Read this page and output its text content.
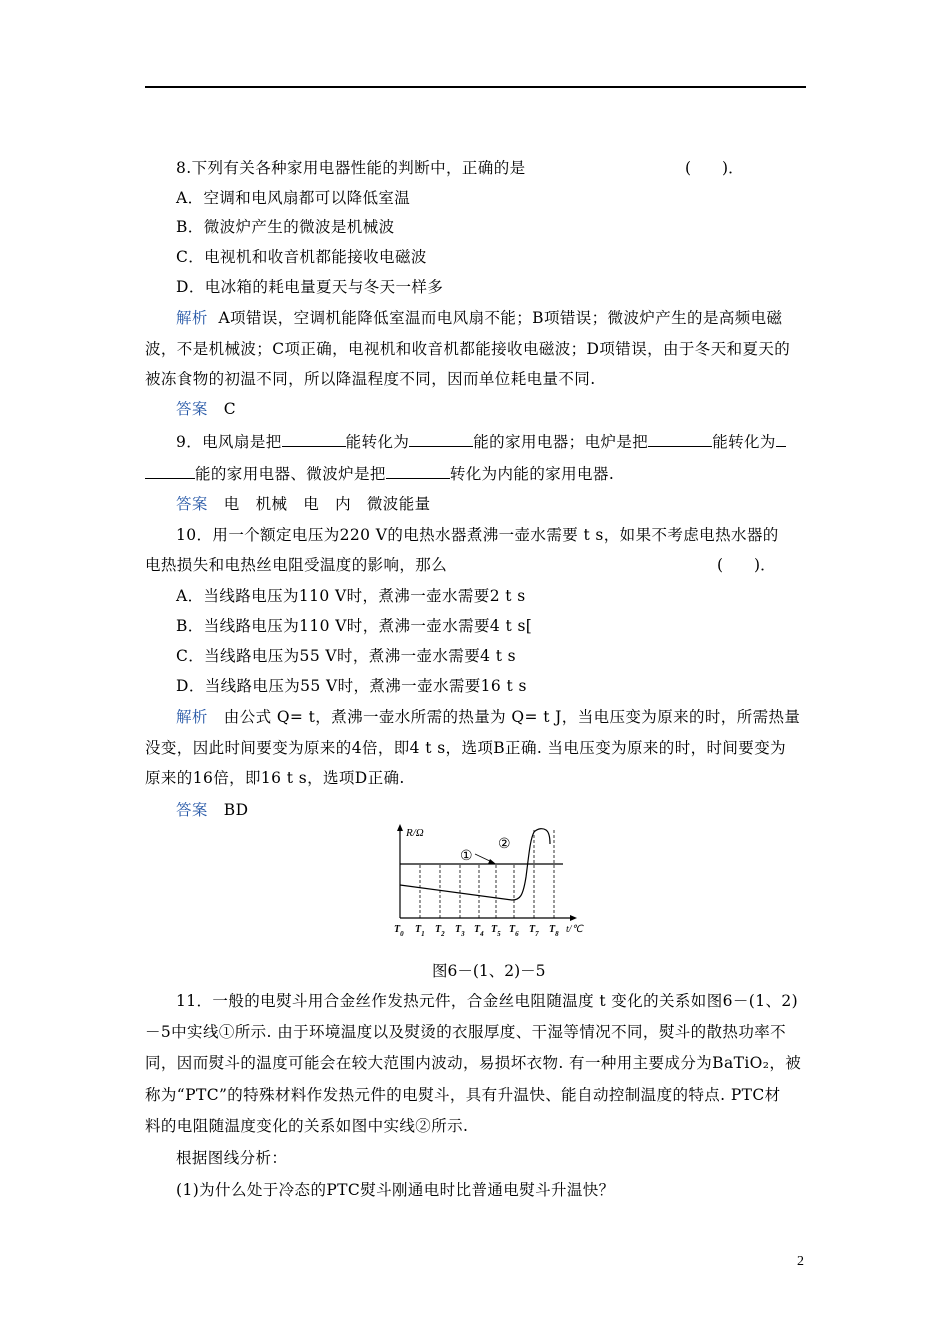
8.下列有关各种家用电器性能的判断中，正确的是	(　　)．
A．空调和电风扇都可以降低室温
B．微波炉产生的微波是机械波
C．电视机和收音机都能接收电磁波
D．电冰箱的耗电量夏天与冬天一样多
解析 A项错误，空调机能降低室温而电风扇不能；B项错误；微波炉产生的是高频电磁
波，不是机械波；C项正确，电视机和收音机都能接收电磁波；D项错误，由于冬天和夏天的
被冻食物的初温不同，所以降温程度不同，因而单位耗电量不同.
答案 C
9．电风扇是把	能转化为	能的家用电器；电炉是把	能转化为
能的家用电器、微波炉是把	转化为内能的家用电器.
答案 电　机械　电　内　微波能量
10．用一个额定电压为220 V的电热水器煮沸一壶水需要 t s，如果不考虑电热水器的
电热损失和电热丝电阻受温度的影响，那么	(　　)．
A．当线路电压为110 V时，煮沸一壶水需要2 t s
B．当线路电压为110 V时，煮沸一壶水需要4 t s[
C．当线路电压为55 V时，煮沸一壶水需要4 t s
D．当线路电压为55 V时，煮沸一壶水需要16 t s
解析 由公式 Q= t，煮沸一壶水所需的热量为 Q= t J，当电压变为原来的时，所需热量
没变，因此时间要变为原来的4倍，即4 t s，选项B正确. 当电压变为原来的时，时间要变为
原来的16倍，即16 t s，选项D正确.
答案 BD
R/Ω
①
②
$T_0$ $T_1$ $T_2$ $T_3$ $T_4$ $T_5$ $T_6$ $T_7$ $T_8$ t/℃
图6－(1、2)－5
11．一般的电熨斗用合金丝作发热元件，合金丝电阻随温度 t 变化的关系如图6－(1、2)
－5中实线①所示. 由于环境温度以及熨烫的衣服厚度、干湿等情况不同，熨斗的散热功率不
同，因而熨斗的温度可能会在较大范围内波动，易损坏衣物. 有一种用主要成分为BaTiO₂，被
称为“PTC”的特殊材料作发热元件的电熨斗，具有升温快、能自动控制温度的特点. PTC材
料的电阻随温度变化的关系如图中实线②所示.
根据图线分析：
(1)为什么处于冷态的PTC熨斗刚通电时比普通电熨斗升温快？
2
